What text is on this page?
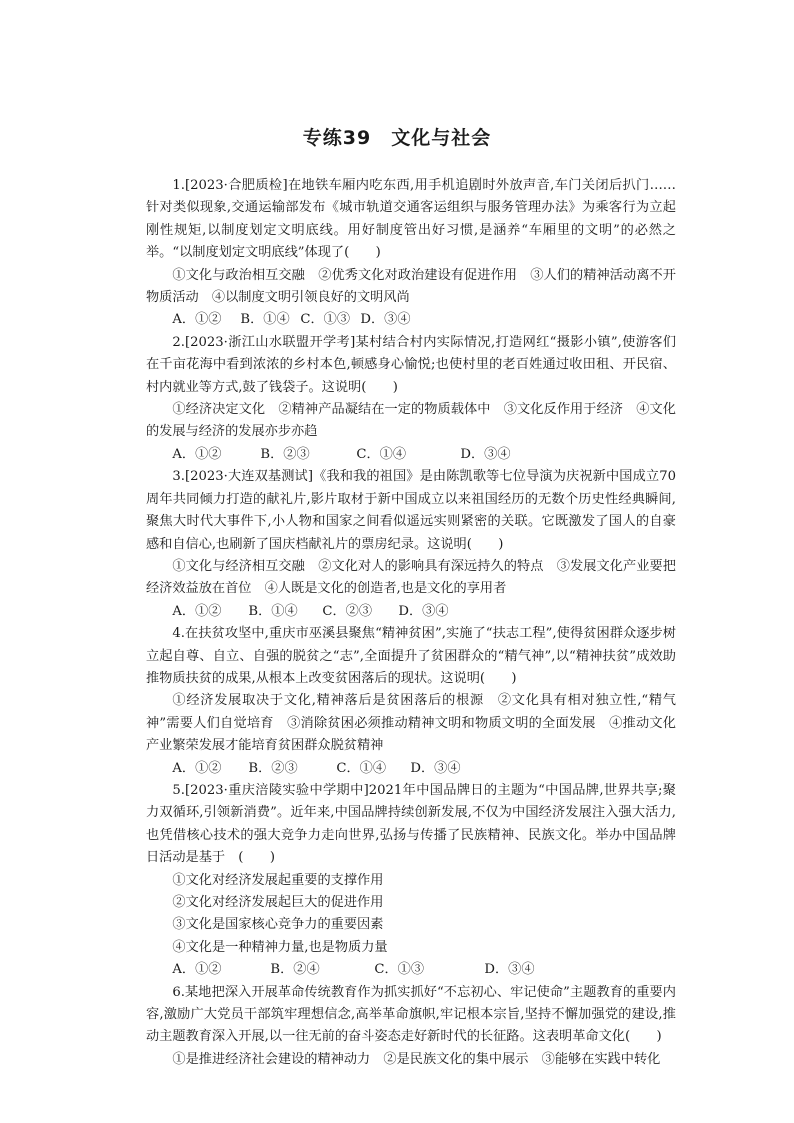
专练39　文化与社会

1.[2023·合肥质检]在地铁车厢内吃东西,用手机追剧时外放声音,车门关闭后扒门……针对类似现象,交通运输部发布《城市轨道交通客运组织与服务管理办法》为乘客行为立起刚性规矩,以制度划定文明底线。用好制度管出好习惯,是涵养“车厢里的文明”的必然之举。“以制度划定文明底线”体现了(　　)

①文化与政治相互交融　②优秀文化对政治建设有促进作用　③人们的精神活动离不开物质活动　④以制度文明引领良好的文明风尚

A．①② B．①④ C．①③ D．③④

2.[2023·浙江山水联盟开学考]某村结合村内实际情况,打造网红“摄影小镇”,使游客们在千亩花海中看到浓浓的乡村本色,顿感身心愉悦;也使村里的老百姓通过收田租、开民宿、村内就业等方式,鼓了钱袋子。这说明(　　)

①经济决定文化　②精神产品凝结在一定的物质载体中　③文化反作用于经济　④文化的发展与经济的发展亦步亦趋

A．①②	B．②③	C．①④	D．③④

3.[2023·大连双基测试]《我和我的祖国》是由陈凯歌等七位导演为庆祝新中国成立70周年共同倾力打造的献礼片,影片取材于新中国成立以来祖国经历的无数个历史性经典瞬间,聚焦大时代大事件下,小人物和国家之间看似遥远实则紧密的关联。它既激发了国人的自豪感和自信心,也刷新了国庆档献礼片的票房纪录。这说明(　　)

①文化与经济相互交融　②文化对人的影响具有深远持久的特点　③发展文化产业要把经济效益放在首位　④人既是文化的创造者,也是文化的享用者

A．①② B．①④ C．②③ D．③④

4.在扶贫攻坚中,重庆市巫溪县聚焦“精神贫困”,实施了“扶志工程”,使得贫困群众逐步树立起自尊、自立、自强的脱贫之“志”,全面提升了贫困群众的“精气神”,以“精神扶贫”成效助推物质扶贫的成果,从根本上改变贫困落后的现状。这说明(　　)

①经济发展取决于文化,精神落后是贫困落后的根源　②文化具有相对独立性,“精气神”需要人们自觉培育　③消除贫困必须推动精神文明和物质文明的全面发展　④推动文化产业繁荣发展才能培育贫困群众脱贫精神

A．①② B．②③	C．①④ D．③④

5.[2023·重庆涪陵实验中学期中]2021年中国品牌日的主题为“中国品牌,世界共享;聚力双循环,引领新消费”。近年来,中国品牌持续创新发展,不仅为中国经济发展注入强大活力,也凭借核心技术的强大竞争力走向世界,弘扬与传播了民族精神、民族文化。举办中国品牌日活动是基于　(　　)

①文化对经济发展起重要的支撑作用

②文化对经济发展起巨大的促进作用

③文化是国家核心竞争力的重要因素

④文化是一种精神力量,也是物质力量

A．①②	B．②④	C．①③	D．③④

6.某地把深入开展革命传统教育作为抓实抓好“不忘初心、牢记使命”主题教育的重要内容,激励广大党员干部筑牢理想信念,高举革命旗帜,牢记根本宗旨,坚持不懈加强党的建设,推动主题教育深入开展,以一往无前的奋斗姿态走好新时代的长征路。这表明革命文化(　　)

①是推进经济社会建设的精神动力　②是民族文化的集中展示　③能够在实践中转化
